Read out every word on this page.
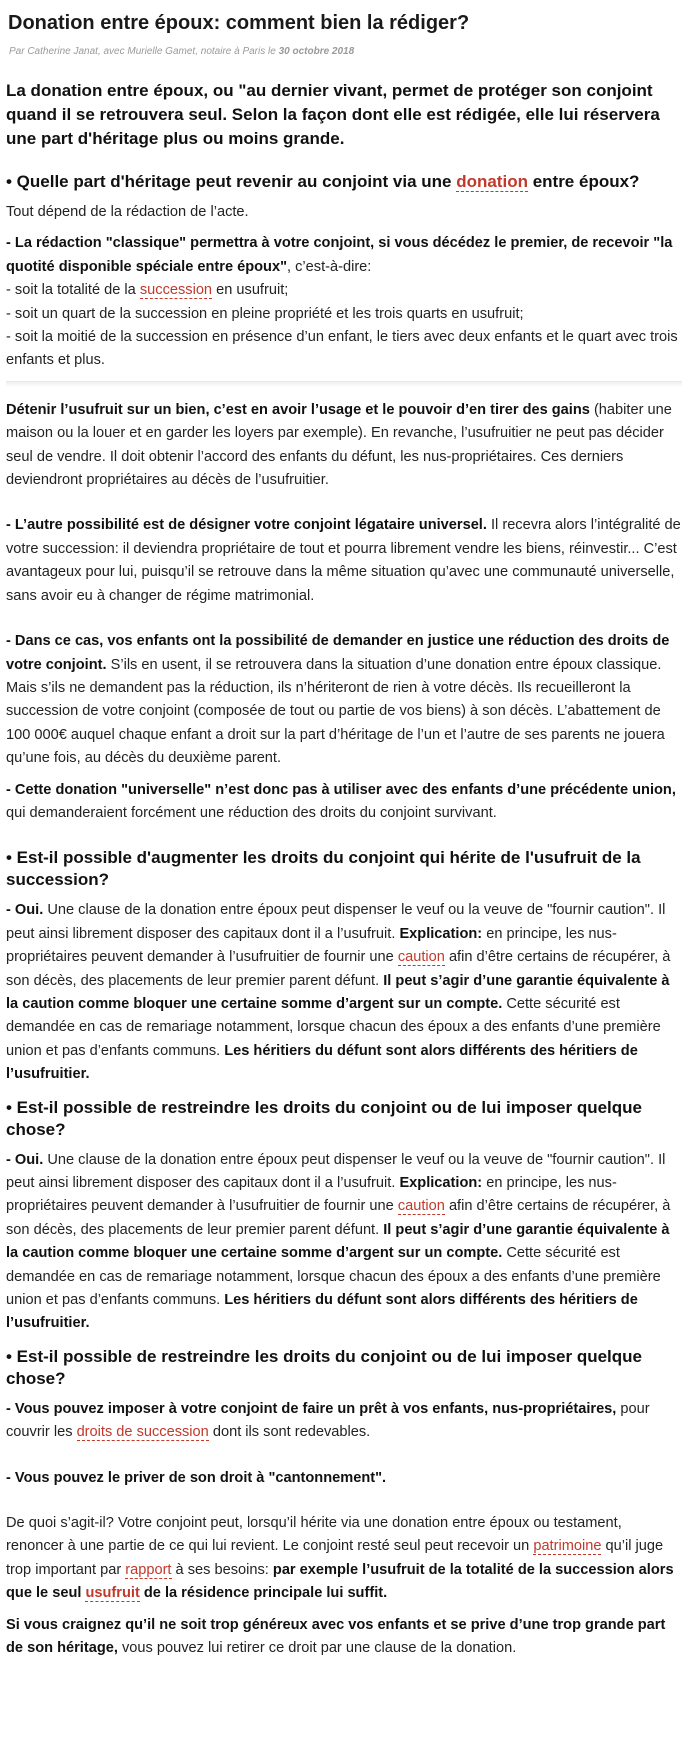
Donation entre époux: comment bien la rédiger?
Par Catherine Janat, avec Murielle Gamet, notaire à Paris le 30 octobre 2018
La donation entre époux, ou "au dernier vivant, permet de protéger son conjoint quand il se retrouvera seul. Selon la façon dont elle est rédigée, elle lui réservera une part d'héritage plus ou moins grande.
• Quelle part d'héritage peut revenir au conjoint via une donation entre époux?

Tout dépend de la rédaction de l’acte.

- La rédaction "classique" permettra à votre conjoint, si vous décédez le premier, de recevoir "la quotité disponible spéciale entre époux", c’est-à-dire:
- soit la totalité de la succession en usufruit;
- soit un quart de la succession en pleine propriété et les trois quarts en usufruit;
- soit la moitié de la succession en présence d’un enfant, le tiers avec deux enfants et le quart avec trois enfants et plus.

Détenir l’usufruit sur un bien, c’est en avoir l’usage et le pouvoir d’en tirer des gains (habiter une maison ou la louer et en garder les loyers par exemple). En revanche, l’usufruitier ne peut pas décider seul de vendre. Il doit obtenir l’accord des enfants du défunt, les nus-propriétaires. Ces derniers deviendront propriétaires au décès de l’usufruitier.

- L’autre possibilité est de désigner votre conjoint légataire universel. Il recevra alors l’intégralité de votre succession: il deviendra propriétaire de tout et pourra librement vendre les biens, réinvestir... C’est avantageux pour lui, puisqu’il se retrouve dans la même situation qu’avec une communauté universelle, sans avoir eu à changer de régime matrimonial.

- Dans ce cas, vos enfants ont la possibilité de demander en justice une réduction des droits de votre conjoint. S’ils en usent, il se retrouvera dans la situation d’une donation entre époux classique. Mais s’ils ne demandent pas la réduction, ils n’hériteront de rien à votre décès. Ils recueilleront la succession de votre conjoint (composée de tout ou partie de vos biens) à son décès. L’abattement de 100 000€ auquel chaque enfant a droit sur la part d’héritage de l’un et l’autre de ses parents ne jouera qu’une fois, au décès du deuxième parent.

- Cette donation "universelle" n’est donc pas à utiliser avec des enfants d’une précédente union, qui demanderaient forcément une réduction des droits du conjoint survivant.

• Est-il possible d'augmenter les droits du conjoint qui hérite de l'usufruit de la succession?

- Oui. Une clause de la donation entre époux peut dispenser le veuf ou la veuve de "fournir caution". Il peut ainsi librement disposer des capitaux dont il a l’usufruit. Explication: en principe, les nus-propriétaires peuvent demander à l’usufruitier de fournir une caution afin d’être certains de récupérer, à son décès, des placements de leur premier parent défunt. Il peut s’agir d’une garantie équivalente à la caution comme bloquer une certaine somme d’argent sur un compte. Cette sécurité est demandée en cas de remariage notamment, lorsque chacun des époux a des enfants d’une première union et pas d’enfants communs. Les héritiers du défunt sont alors différents des héritiers de l’usufruitier.

• Est-il possible de restreindre les droits du conjoint ou de lui imposer quelque chose?

- Oui. Une clause de la donation entre époux peut dispenser le veuf ou la veuve de "fournir caution". Il peut ainsi librement disposer des capitaux dont il a l’usufruit. Explication: en principe, les nus-propriétaires peuvent demander à l’usufruitier de fournir une caution afin d’être certains de récupérer, à son décès, des placements de leur premier parent défunt. Il peut s’agir d’une garantie équivalente à la caution comme bloquer une certaine somme d’argent sur un compte. Cette sécurité est demandée en cas de remariage notamment, lorsque chacun des époux a des enfants d’une première union et pas d’enfants communs. Les héritiers du défunt sont alors différents des héritiers de l’usufruitier.

• Est-il possible de restreindre les droits du conjoint ou de lui imposer quelque chose?

- Vous pouvez imposer à votre conjoint de faire un prêt à vos enfants, nus-propriétaires, pour couvrir les droits de succession dont ils sont redevables.

- Vous pouvez le priver de son droit à "cantonnement".

De quoi s’agit-il? Votre conjoint peut, lorsqu’il hérite via une donation entre époux ou testament, renoncer à une partie de ce qui lui revient. Le conjoint resté seul peut recevoir un patrimoine qu’il juge trop important par rapport à ses besoins: par exemple l’usufruit de la totalité de la succession alors que le seul usufruit de la résidence principale lui suffit.

Si vous craignez qu’il ne soit trop généreux avec vos enfants et se prive d’une trop grande part de son héritage, vous pouvez lui retirer ce droit par une clause de la donation.
